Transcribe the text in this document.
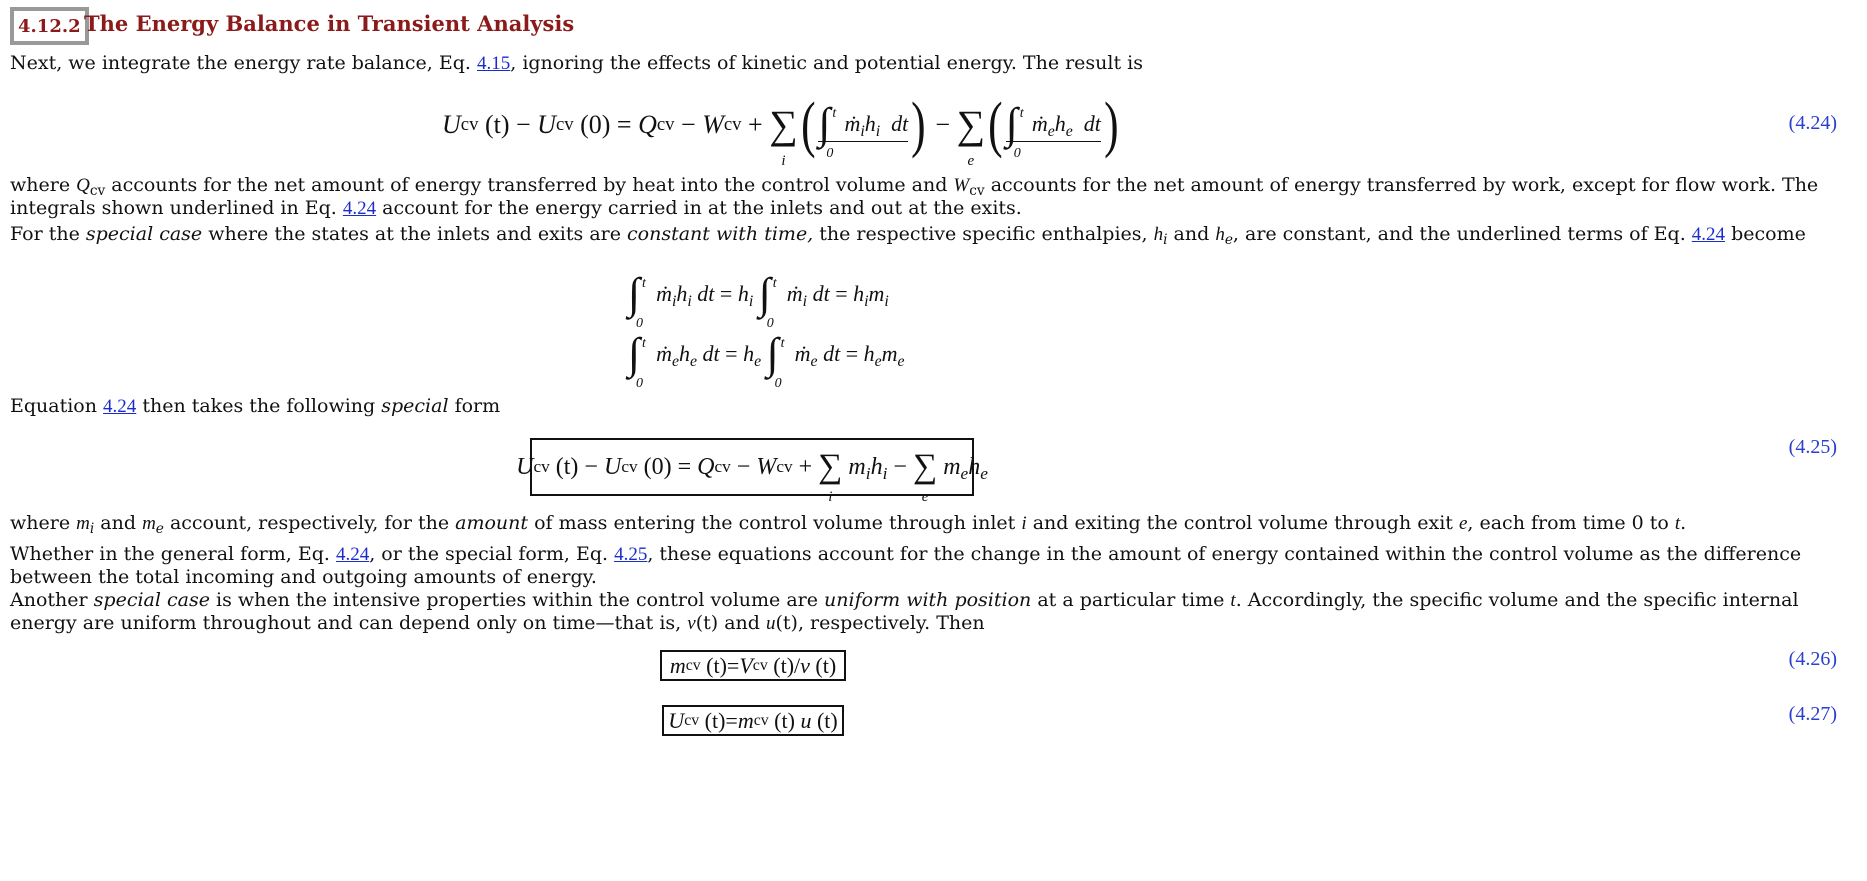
4.12.2 The Energy Balance in Transient Analysis
Next, we integrate the energy rate balance, Eq. 4.15, ignoring the effects of kinetic and potential energy. The result is
U cv
(t) − U cv
(0) = Q cv − W cv + ∑
i
( ∫ t
0
$ṁ_ih_i$ dt ) − ∑
e
( ∫ t
0
$ṁ_eh_e$ dt )	(4.24)
where $Q_{cv}$ accounts for the net amount of energy transferred by heat into the control volume and $W_{cv}$ accounts for the net amount of energy transferred by work, except for flow work. The integrals shown underlined in Eq. 4.24 account for the energy carried in at the inlets and out at the exits.
For the special case where the states at the inlets and exits are constant with time, the respective specific enthalpies, $h_i$ and $h_e$, are constant, and the underlined terms of Eq. 4.24 become
∫ t
0
$ṁ_ih_i$ dt = $h_i$ ∫ t
0
ṁ$_i$ dt = $h_im_i$
∫ t
0
$ṁ_eh_e$ dt = $h_e$ ∫ t
0
ṁ$_e$ dt = $h_em_e$
Equation 4.24 then takes the following special form
U cv
(t) − U cv
(0) = Q cv − W cv + ∑
i
$m_ih_i$ − ∑
e
$m_eh_e$
(4.25)
where $m_i$ and $m_e$ account, respectively, for the amount of mass entering the control volume through inlet i and exiting the control volume through exit e, each from time 0 to t.
Whether in the general form, Eq. 4.24, or the special form, Eq. 4.25, these equations account for the change in the amount of energy contained within the control volume as the difference between the total incoming and outgoing amounts of energy.
Another special case is when the intensive properties within the control volume are uniform with position at a particular time t. Accordingly, the specific volume and the specific internal energy are uniform throughout and can depend only on time—that is, v(t) and u(t), respectively. Then
m cv
(t) = V cv
(t) / v
(t)	(4.26)
U cv
(t) = m cv
(t)
u
(t)	(4.27)
